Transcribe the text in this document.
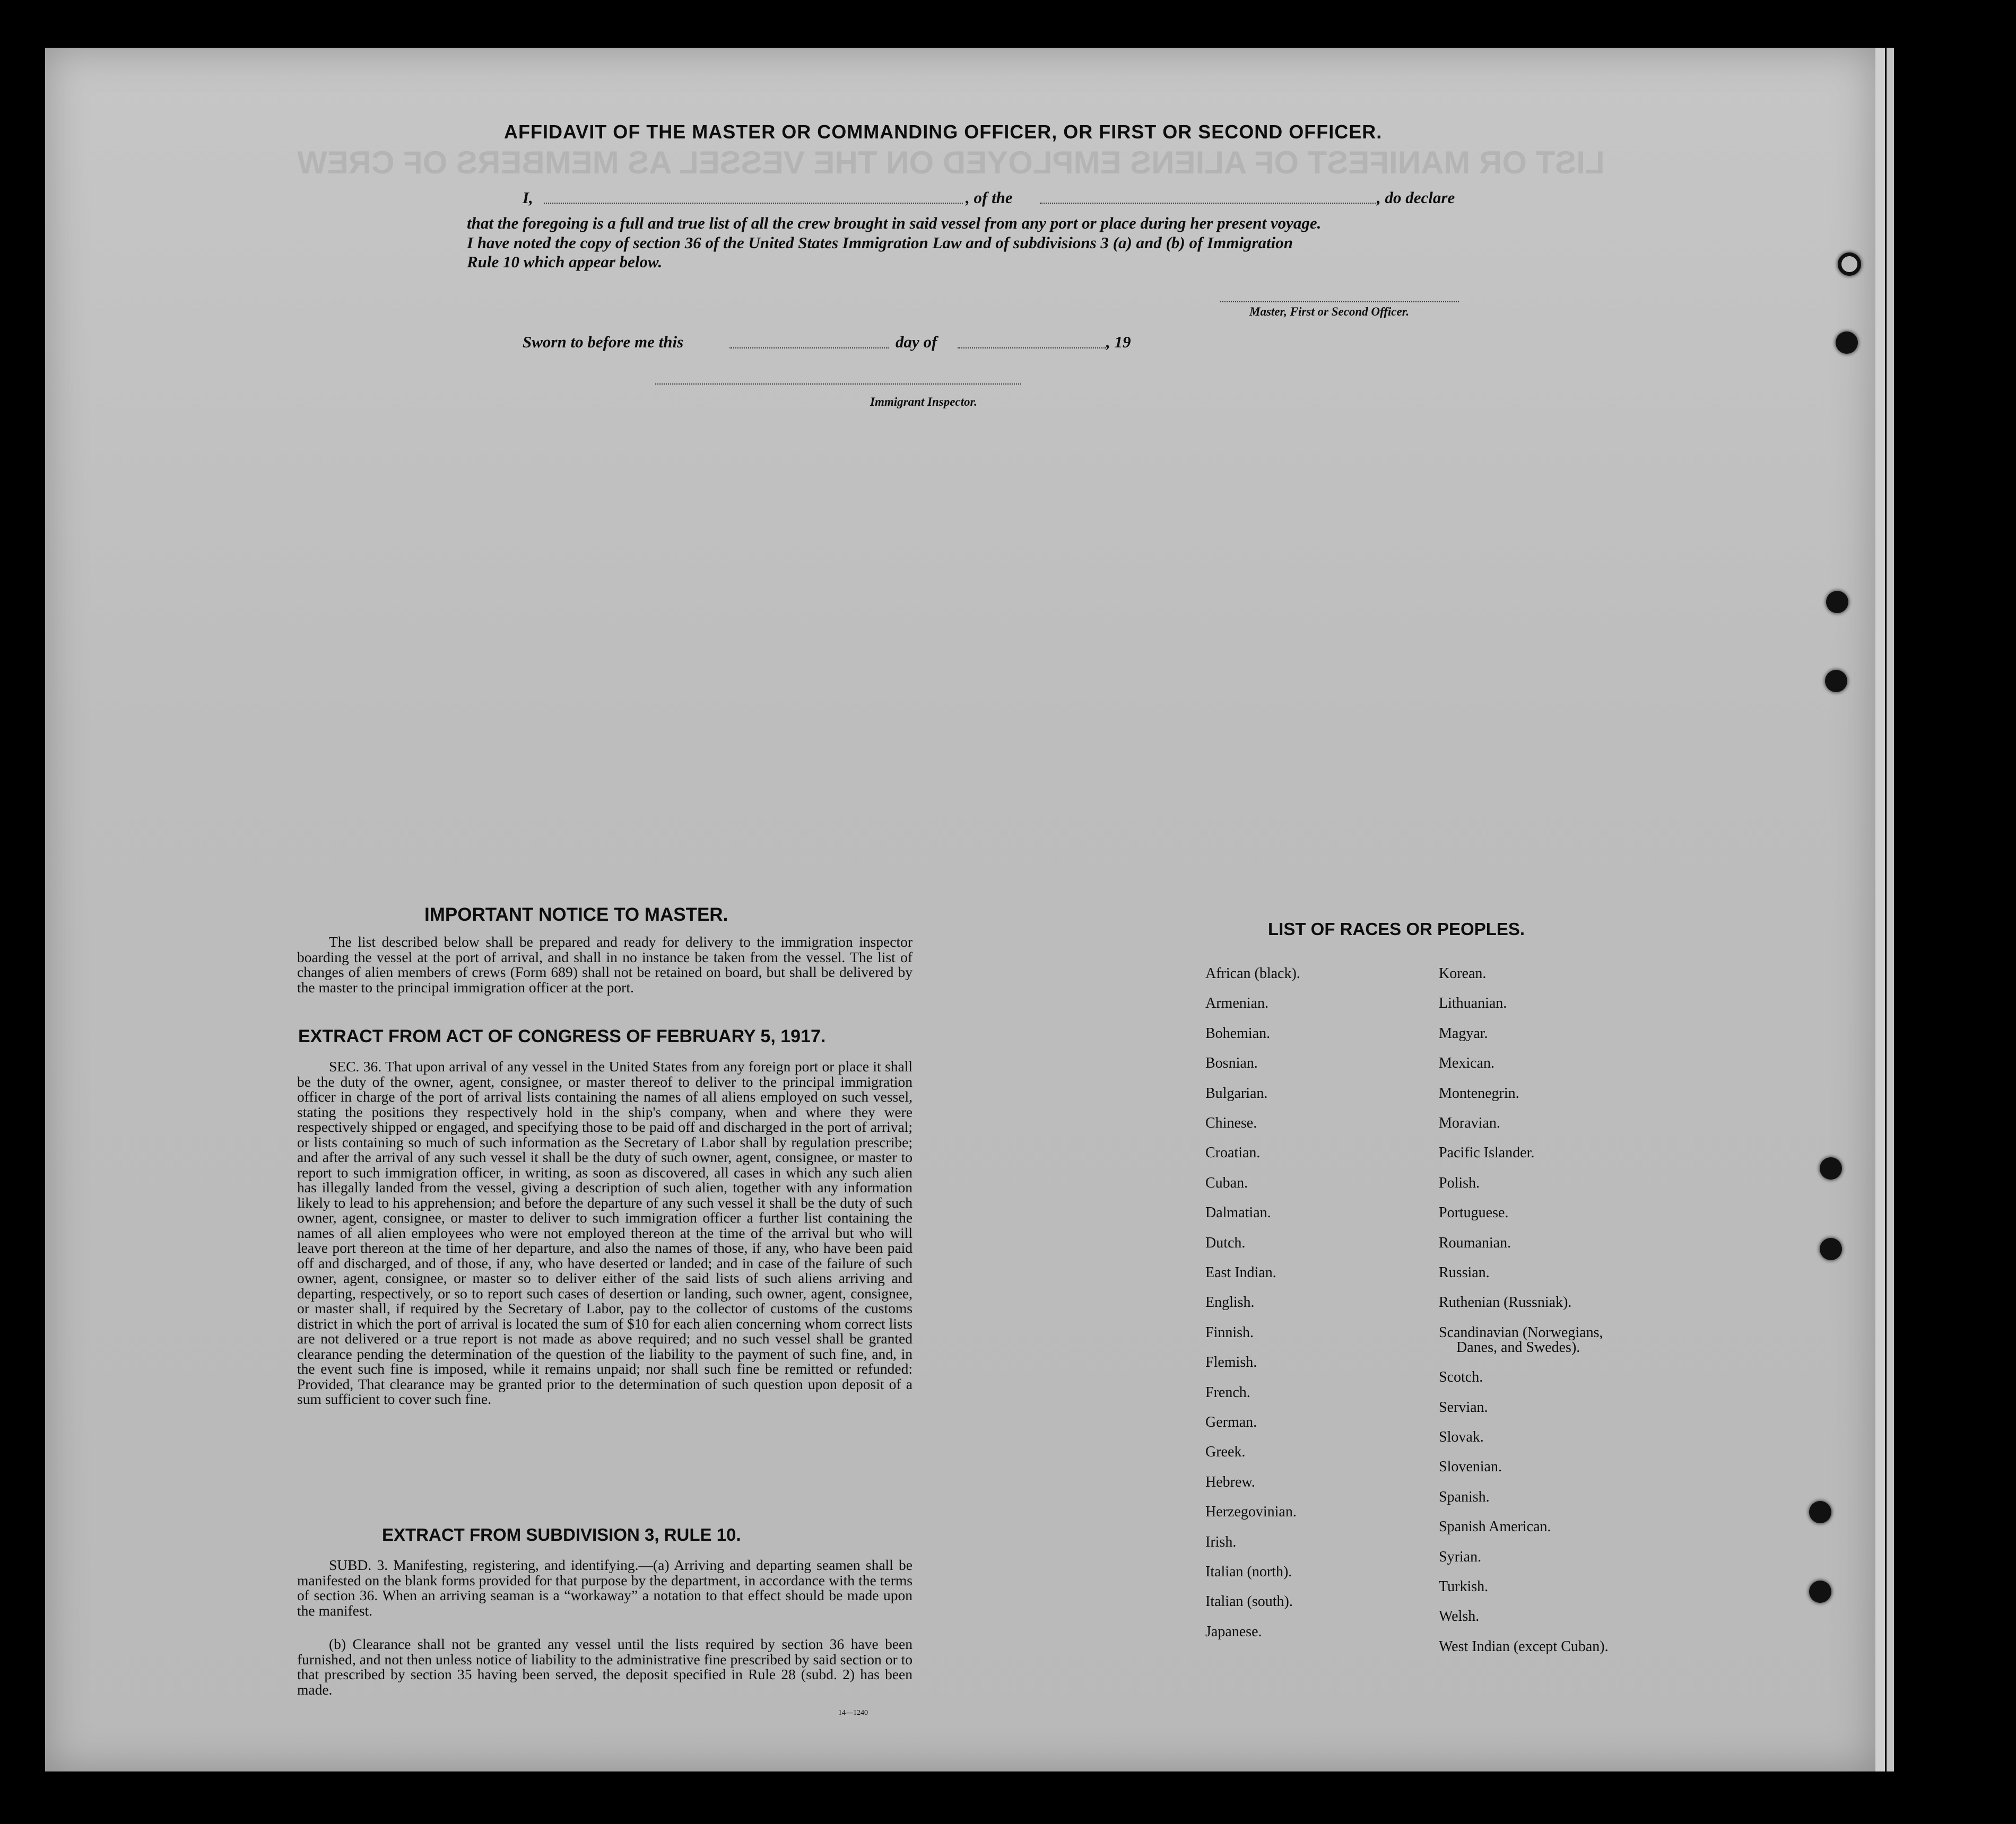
LIST OR MANIFEST OF ALIENS EMPLOYED ON THE VESSEL AS MEMBERS OF CREW
AFFIDAVIT OF THE MASTER OR COMMANDING OFFICER, OR FIRST OR SECOND OFFICER.
I,	, of the	, do declare
that the foregoing is a full and true list of all the crew brought in said vessel from any port or place during her present voyage.
I have noted the copy of section 36 of the United States Immigration Law and of subdivisions 3 (a) and (b) of Immigration
Rule 10 which appear below.
Master, First or Second Officer.
Sworn to before me this	day of	, 19
Immigrant Inspector.
IMPORTANT NOTICE TO MASTER.

The list described below shall be prepared and ready for delivery to the immigration inspector boarding the vessel at the port of arrival, and shall in no instance be taken from the vessel. The list of changes of alien members of crews (Form 689) shall not be retained on board, but shall be delivered by the master to the principal immigration officer at the port.

EXTRACT FROM ACT OF CONGRESS OF FEBRUARY 5, 1917.

SEC. 36. That upon arrival of any vessel in the United States from any foreign port or place it shall be the duty of the owner, agent, consignee, or master thereof to deliver to the principal immigration officer in charge of the port of arrival lists containing the names of all aliens employed on such vessel, stating the positions they respectively hold in the ship's company, when and where they were respectively shipped or engaged, and specifying those to be paid off and discharged in the port of arrival; or lists containing so much of such information as the Secretary of Labor shall by regulation prescribe; and after the arrival of any such vessel it shall be the duty of such owner, agent, consignee, or master to report to such immigration officer, in writing, as soon as discovered, all cases in which any such alien has illegally landed from the vessel, giving a description of such alien, together with any information likely to lead to his apprehension; and before the departure of any such vessel it shall be the duty of such owner, agent, consignee, or master to deliver to such immigration officer a further list containing the names of all alien employees who were not employed thereon at the time of the arrival but who will leave port thereon at the time of her departure, and also the names of those, if any, who have been paid off and discharged, and of those, if any, who have deserted or landed; and in case of the failure of such owner, agent, consignee, or master so to deliver either of the said lists of such aliens arriving and departing, respectively, or so to report such cases of desertion or landing, such owner, agent, consignee, or master shall, if required by the Secretary of Labor, pay to the collector of customs of the customs district in which the port of arrival is located the sum of $10 for each alien concerning whom correct lists are not delivered or a true report is not made as above required; and no such vessel shall be granted clearance pending the determination of the question of the liability to the payment of such fine, and, in the event such fine is imposed, while it remains unpaid; nor shall such fine be remitted or refunded: Provided, That clearance may be granted prior to the determination of such question upon deposit of a sum sufficient to cover such fine.

EXTRACT FROM SUBDIVISION 3, RULE 10.

SUBD. 3. Manifesting, registering, and identifying.—(a) Arriving and departing seamen shall be manifested on the blank forms provided for that purpose by the department, in accordance with the terms of section 36. When an arriving seaman is a “workaway” a notation to that effect should be made upon the manifest.

(b) Clearance shall not be granted any vessel until the lists required by section 36 have been furnished, and not then unless notice of liability to the administrative fine prescribed by said section or to that prescribed by section 35 having been served, the deposit specified in Rule 28 (subd. 2) has been made.

14—1240
LIST OF RACES OR PEOPLES.
African (black).
Armenian.
Bohemian.
Bosnian.
Bulgarian.
Chinese.
Croatian.
Cuban.
Dalmatian.
Dutch.
East Indian.
English.
Finnish.
Flemish.
French.
German.
Greek.
Hebrew.
Herzegovinian.
Irish.
Italian (north).
Italian (south).
Japanese.
Korean.
Lithuanian.
Magyar.
Mexican.
Montenegrin.
Moravian.
Pacific Islander.
Polish.
Portuguese.
Roumanian.
Russian.
Ruthenian (Russniak).
Scandinavian (Norwegians,
Danes, and Swedes).
Scotch.
Servian.
Slovak.
Slovenian.
Spanish.
Spanish American.
Syrian.
Turkish.
Welsh.
West Indian (except Cuban).
